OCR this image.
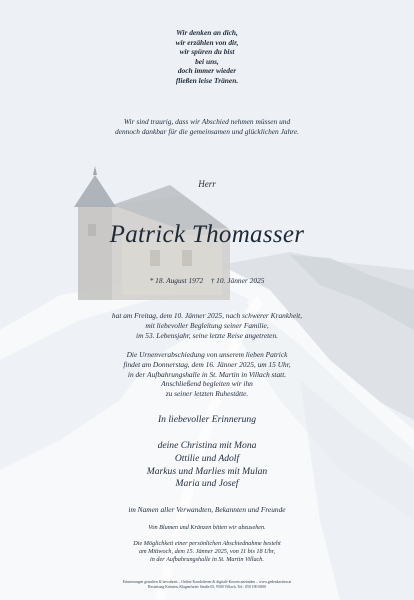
Wir denken an dich,
wir erzählen von dir,
wir spüren du bist
bei uns,
doch immer wieder
fließen leise Tränen.

Wir sind traurig, dass wir Abschied nehmen müssen und
dennoch dankbar für die gemeinsamen und glücklichen Jahre.

Herr

Patrick Thomasser

* 18. August 1972    † 10. Jänner 2025

hat am Freitag, dem 10. Jänner 2025, nach schwerer Krankheit,
mit liebevoller Begleitung seiner Familie,
im 53. Lebensjahr, seine letzte Reise angetreten.

Die Urnenverabschiedung von unserem lieben Patrick
findet am Donnerstag, dem 16. Jänner 2025, um 15 Uhr,
in der Aufbahrungshalle in St. Martin in Villach statt.
Anschließend begleiten wir ihn
zu seiner letzten Ruhestätte.

In liebevoller Erinnerung

deine Christina mit Mona
Ottilie und Adolf
Markus und Marlies mit Mulan
Maria und Josef

im Namen aller Verwandten, Bekannten und Freunde

Von Blumen und Kränzen bitten wir abzusehen.

Die Möglichkeit einer persönlichen Abschiednahme besteht
am Mittwoch, dem 15. Jänner 2025, von 11 bis 18 Uhr,
in der Aufbahrungshalle in St. Martin Villach.

Erinnerungen gestalten & bewahren – Online Kondolieren & digitale Kerzen anzünden – www.gedenkseiten.at
Bestattung Kärnten, Klagenfurter Straße 65, 9500 Villach, Tel.: 050 190 6000
